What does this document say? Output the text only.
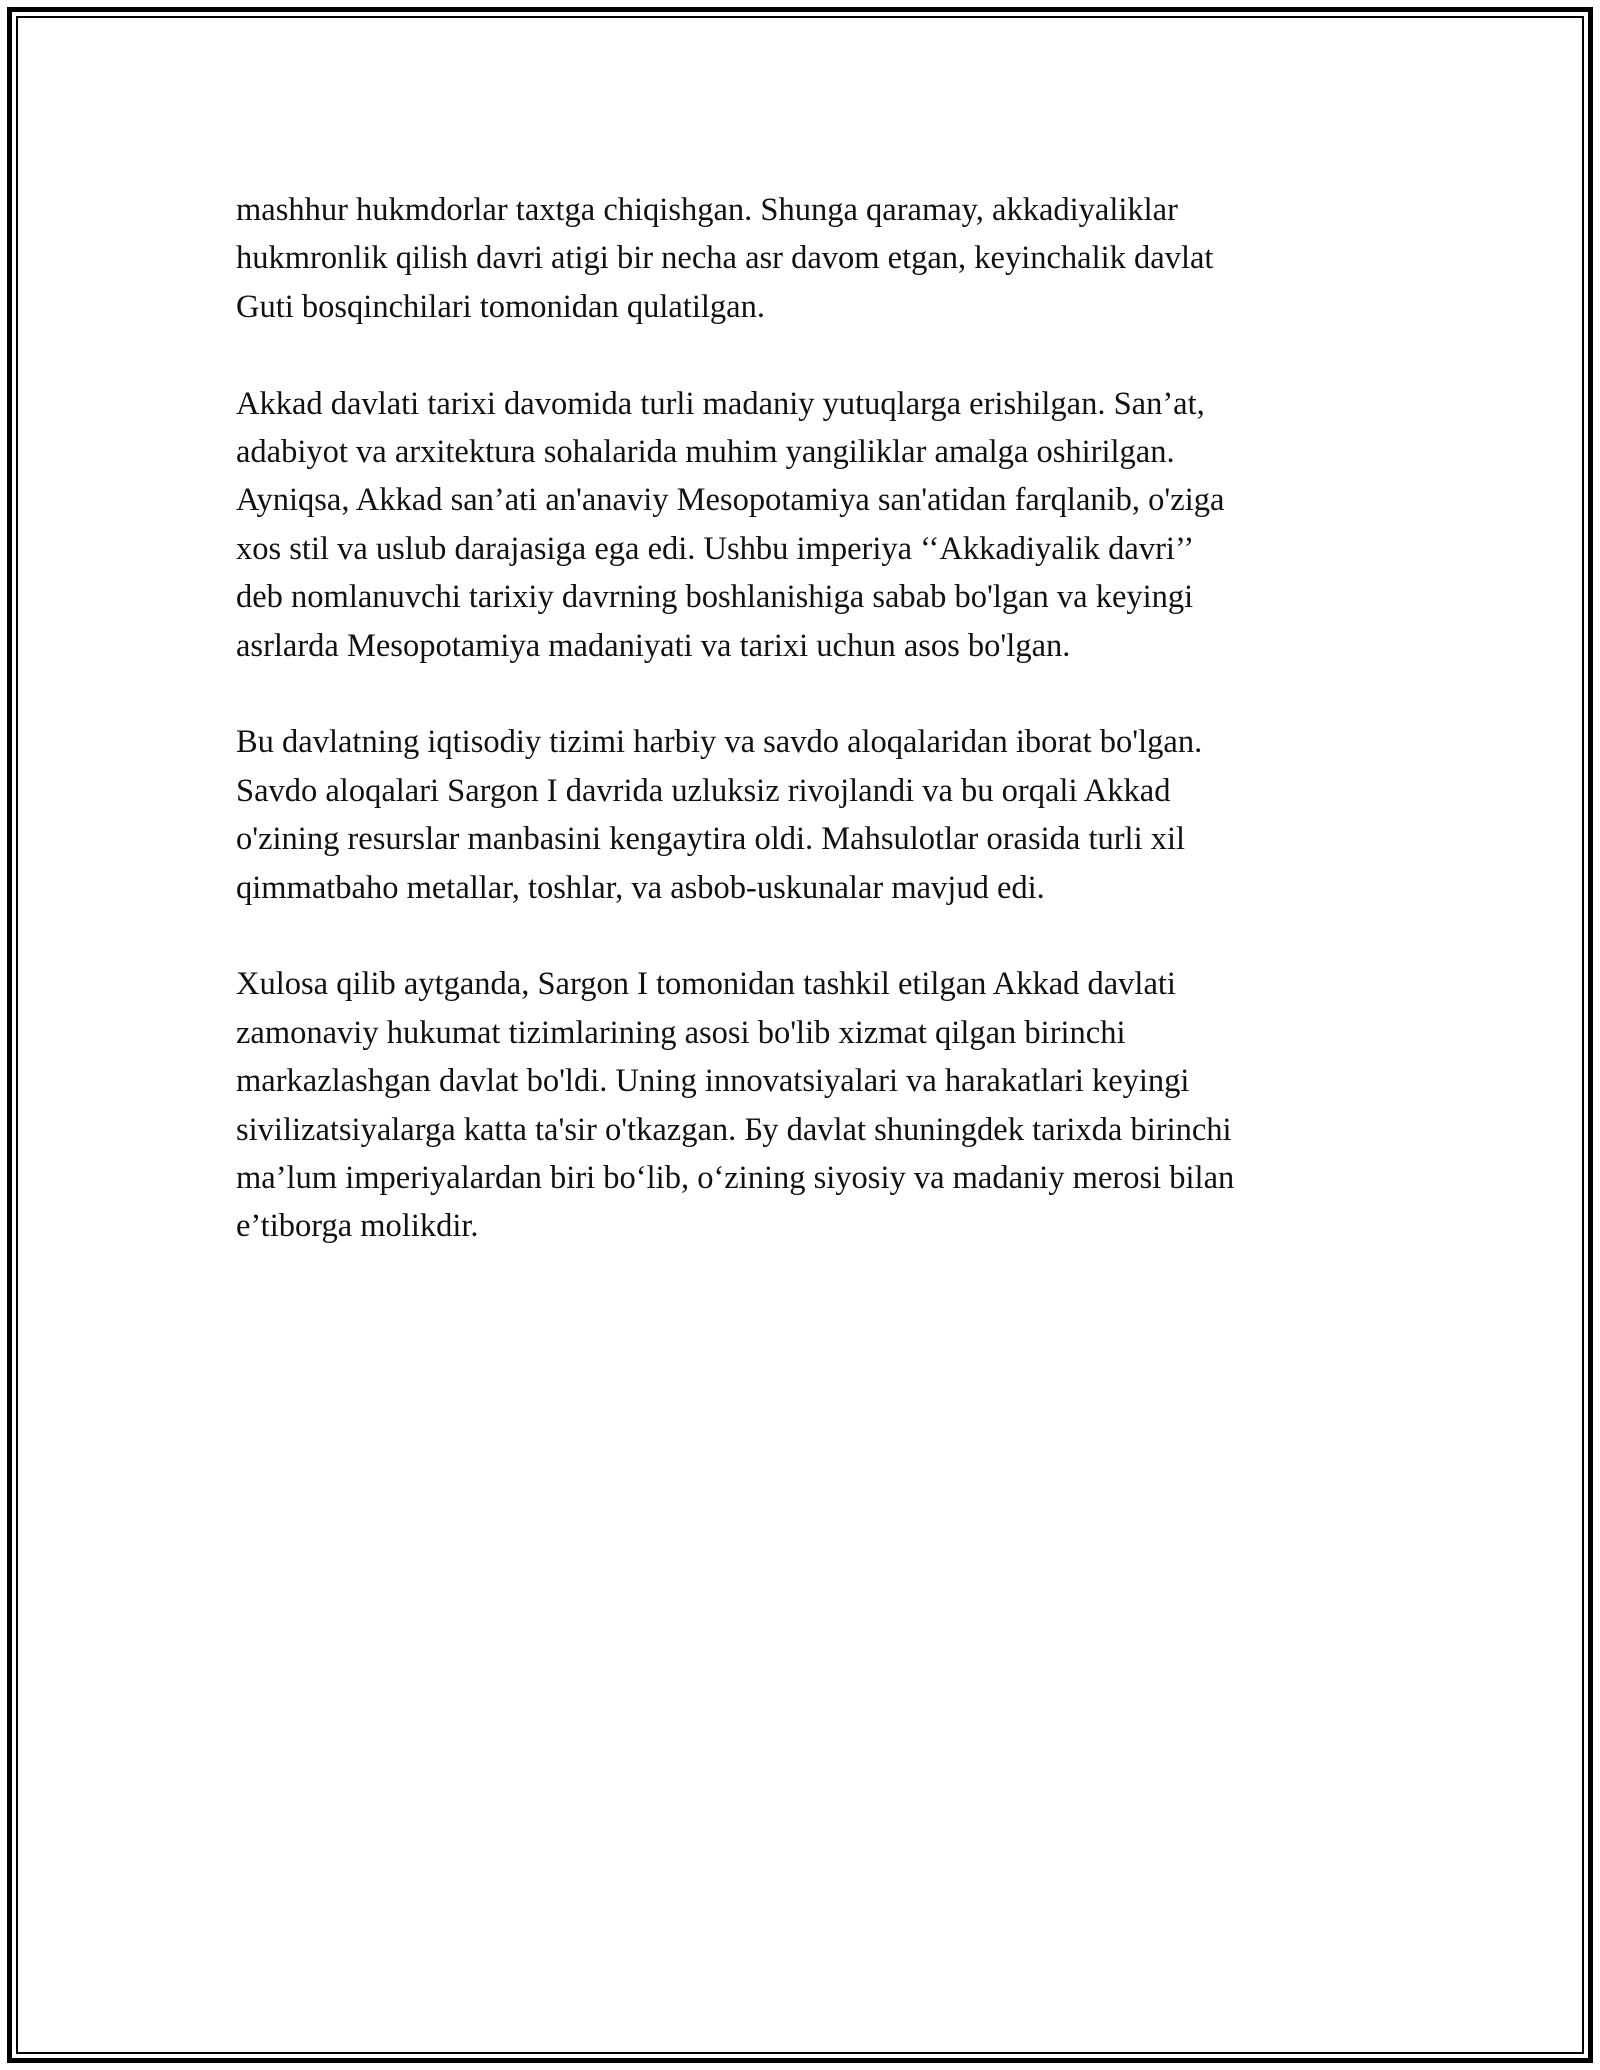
mashhur hukmdorlar taxtga chiqishgan. Shunga qaramay, akkadiyaliklar
hukmronlik qilish davri atigi bir necha asr davom etgan, keyinchalik davlat
Guti bosqinchilari tomonidan qulatilgan.

Akkad davlati tarixi davomida turli madaniy yutuqlarga erishilgan. San’at,
adabiyot va arxitektura sohalarida muhim yangiliklar amalga oshirilgan.
Ayniqsa, Akkad san’ati an'anaviy Mesopotamiya san'atidan farqlanib, o'ziga
xos stil va uslub darajasiga ega edi. Ushbu imperiya ‘‘Akkadiyalik davri’’
deb nomlanuvchi tarixiy davrning boshlanishiga sabab bo'lgan va keyingi
asrlarda Mesopotamiya madaniyati va tarixi uchun asos bo'lgan.

Bu davlatning iqtisodiy tizimi harbiy va savdo aloqalaridan iborat bo'lgan.
Savdo aloqalari Sargon I davrida uzluksiz rivojlandi va bu orqali Akkad
o'zining resurslar manbasini kengaytira oldi. Mahsulotlar orasida turli xil
qimmatbaho metallar, toshlar, va asbob-uskunalar mavjud edi.

Xulosa qilib aytganda, Sargon I tomonidan tashkil etilgan Akkad davlati
zamonaviy hukumat tizimlarining asosi bo'lib xizmat qilgan birinchi
markazlashgan davlat bo'ldi. Uning innovatsiyalari va harakatlari keyingi
sivilizatsiyalarga katta ta'sir o'tkazgan. Бу davlat shuningdek tarixda birinchi
ma’lum imperiyalardan biri bo‘lib, o‘zining siyosiy va madaniy merosi bilan
e’tiborga molikdir.
